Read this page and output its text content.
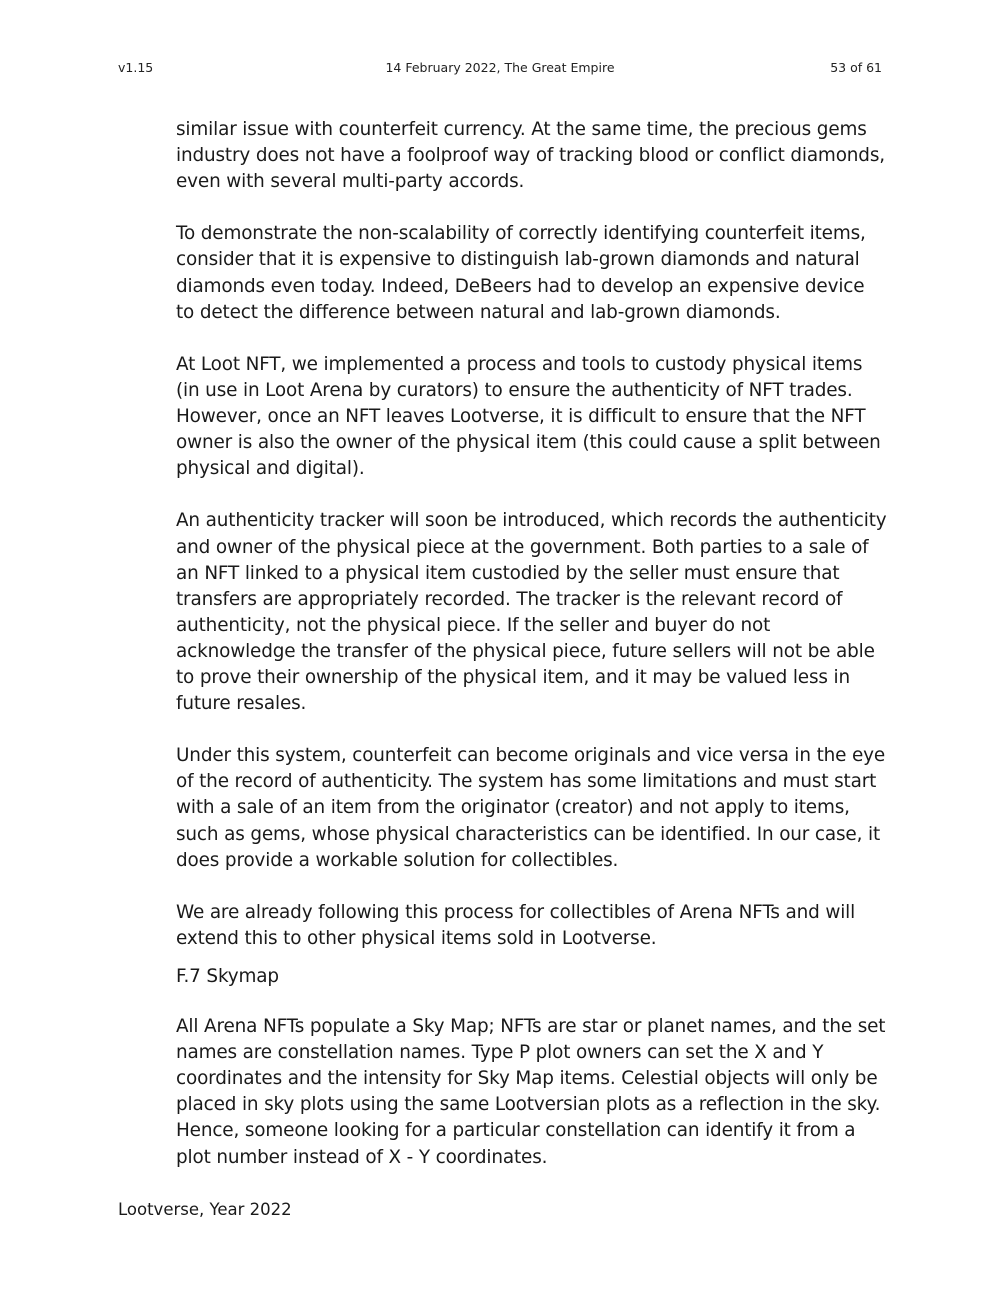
v1.15	14 February 2022, The Great Empire	53 of 61

similar issue with counterfeit currency. At the same time, the precious gems industry does not have a foolproof way of tracking blood or conflict diamonds, even with several multi-party accords.

To demonstrate the non-scalability of correctly identifying counterfeit items, consider that it is expensive to distinguish lab-grown diamonds and natural diamonds even today. Indeed, DeBeers had to develop an expensive device to detect the difference between natural and lab-grown diamonds.

At Loot NFT, we implemented a process and tools to custody physical items (in use in Loot Arena by curators) to ensure the authenticity of NFT trades. However, once an NFT leaves Lootverse, it is difficult to ensure that the NFT owner is also the owner of the physical item (this could cause a split between physical and digital).

An authenticity tracker will soon be introduced, which records the authenticity and owner of the physical piece at the government. Both parties to a sale of an NFT linked to a physical item custodied by the seller must ensure that transfers are appropriately recorded. The tracker is the relevant record of authenticity, not the physical piece. If the seller and buyer do not acknowledge the transfer of the physical piece, future sellers will not be able to prove their ownership of the physical item, and it may be valued less in future resales.

Under this system, counterfeit can become originals and vice versa in the eye of the record of authenticity. The system has some limitations and must start with a sale of an item from the originator (creator) and not apply to items, such as gems, whose physical characteristics can be identified. In our case, it does provide a workable solution for collectibles.

We are already following this process for collectibles of Arena NFTs and will extend this to other physical items sold in Lootverse.

F.7 Skymap

All Arena NFTs populate a Sky Map; NFTs are star or planet names, and the set names are constellation names. Type P plot owners can set the X and Y coordinates and the intensity for Sky Map items. Celestial objects will only be placed in sky plots using the same Lootversian plots as a reflection in the sky. Hence, someone looking for a particular constellation can identify it from a plot number instead of X - Y coordinates.

Lootverse, Year 2022
